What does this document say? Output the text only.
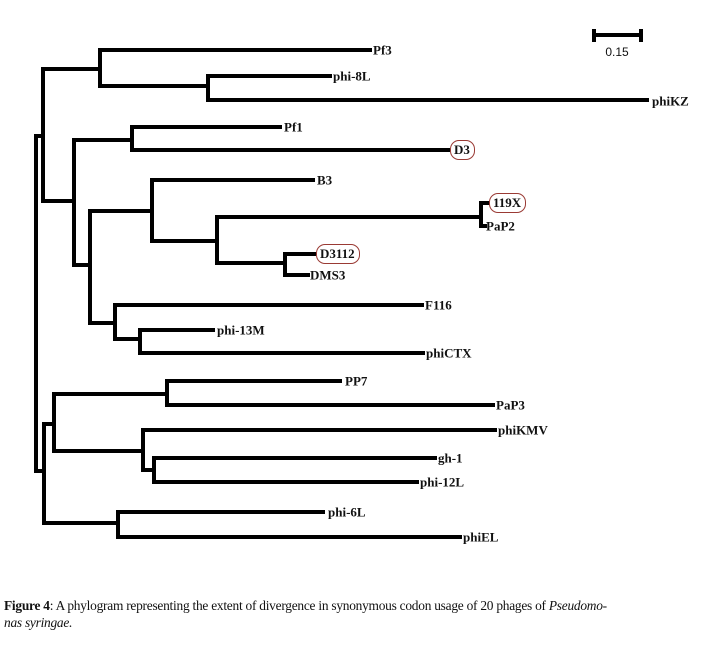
Pf3
phi-8L
phiKZ
Pf1
D3
B3
119X
PaP2
D3112
DMS3
F116
phi-13M
phiCTX
PP7
PaP3
phiKMV
gh-1
phi-12L
phi-6L
phiEL
0.15
Figure 4: A phylogram representing the extent of divergence in synonymous codon usage of 20 phages of Pseudomo-
nas syringae.
